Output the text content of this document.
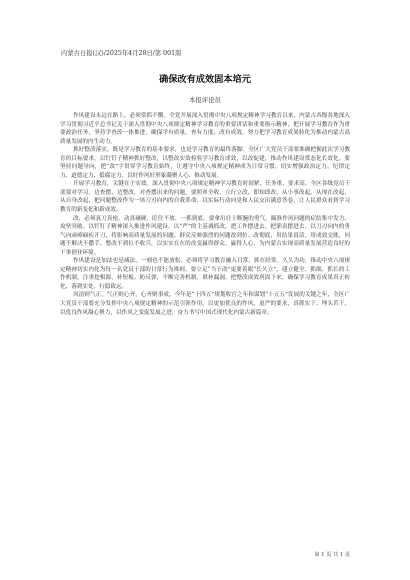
内蒙古日报(汉)/2025年4月28日/第 001版
确保改有成效固本培元
本报评论员

作风建设永远在路上，必须常抓不懈。全党开展深入贯彻中央八项规定精神学习教育以来，内蒙古各级各地深入学习贯彻习近平总书记关于深入贯彻中央八项规定精神学习教育的重要讲话和重要指示精神，把开展学习教育作为重要政治任务，坚持学查改一体推进，确保学有质量、查有力度、改有成效，努力把学习教育成果转化为推动内蒙古高质量发展的内生动力。

抓好整改落实，既是学习教育的基本要求，也是学习教育的最终落脚。全区广大党员干部要准确把握此次学习教育的目标要求，以钉钉子精神抓好整改，以整改实效检验学习教育成效，以改促建，推动作风建设常态化长效化。要坚持问题导向，把“改”字贯穿学习教育始终，让遵守中央八项规定精神成为日常习惯，切实增强政治定力、纪律定力、道德定力、抵腐定力，以好作风好形象凝聚人心、推动发展。

开展学习教育，关键在于实效。深入贯彻中央八项规定精神学习教育时间紧、任务重、要求高，全区各级党员干部要对学习、边查摆、边整改，对查摆出来的问题，要照单全收、立行立改，即知即改，从小事改起，从现在改起，从自身改起，把问题整改作为一场刀刃向内的自我革命，以实际行动向党和人民交出满意答卷，让人民群众看到学习教育的新变化和新成效。

改，必须真刀真枪，动真碰硬，盯住不放、一抓到底。要拿出壮士断腕的勇气，瞄准作风问题的症结集中发力、攻坚突破。以钉钉子精神深入推进作风建设，以“严”的主基调抓改，把工作摆进去、把职责摆进去，以刀刃向内的勇气向顽瘴痼疾开刀，将影响高质量发展的问题、群众反映强烈的问题改到位、改彻底，用结果说话、用成效交账，问题不解决不撒手、整改不到位不收兵，以实实在在的改变赢得群众、赢得人心，为内蒙古实现高质量发展营造良好的干事创业环境。

作风建设是加法也是减法，一刻也不能放松，必须将学习教育融入日常、抓在经常。久久为功，推动中央八项规定精神切实内化为每一名党员干部的日常行为准则。要立足“当下改”更要着眼“长久立”，建立健全、抓细、抓长的工作机制，注重挖根源、补短板、防反弹，不断完善机制、填补漏洞，把整改成效巩固下来，确保学习教育成果真正转化、落到实处、行稳致远。

风清则气正，气正则心齐，心齐则事成。今年是“十四五”规划收官之年和谋划“十五五”发展的关键之年，全区广大党员干部要充分发挥中央八项规定精神的示范引领作用，以更加优良的作风，更严的要求，真抓实干、埋头苦干，以优良作风凝心聚力，以作风之变促发展之进，奋力书写中国式现代化内蒙古新篇章。

第 1 页 共 1 页
